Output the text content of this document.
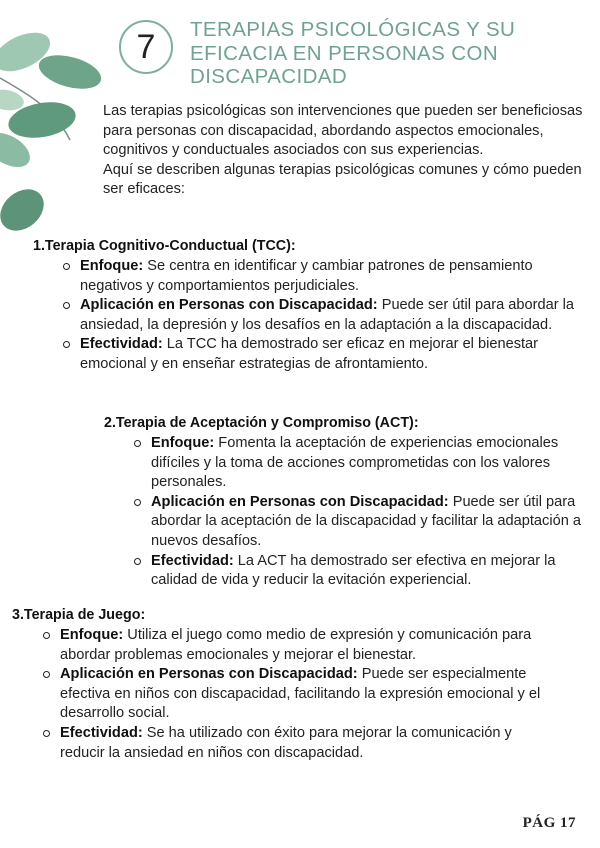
7 TERAPIAS PSICOLÓGICAS Y SU EFICACIA EN PERSONAS CON DISCAPACIDAD

Las terapias psicológicas son intervenciones que pueden ser beneficiosas para personas con discapacidad, abordando aspectos emocionales, cognitivos y conductuales asociados con sus experiencias.

Aquí se describen algunas terapias psicológicas comunes y cómo pueden ser eficaces:

1.Terapia Cognitivo-Conductual (TCC):
Enfoque: Se centra en identificar y cambiar patrones de pensamiento negativos y comportamientos perjudiciales.
Aplicación en Personas con Discapacidad: Puede ser útil para abordar la ansiedad, la depresión y los desafíos en la adaptación a la discapacidad.
Efectividad: La TCC ha demostrado ser eficaz en mejorar el bienestar emocional y en enseñar estrategias de afrontamiento.
2.Terapia de Aceptación y Compromiso (ACT):
Enfoque: Fomenta la aceptación de experiencias emocionales difíciles y la toma de acciones comprometidas con los valores personales.
Aplicación en Personas con Discapacidad: Puede ser útil para abordar la aceptación de la discapacidad y facilitar la adaptación a nuevos desafíos.
Efectividad: La ACT ha demostrado ser efectiva en mejorar la calidad de vida y reducir la evitación experiencial.
3.Terapia de Juego:
Enfoque: Utiliza el juego como medio de expresión y comunicación para abordar problemas emocionales y mejorar el bienestar.
Aplicación en Personas con Discapacidad: Puede ser especialmente efectiva en niños con discapacidad, facilitando la expresión emocional y el desarrollo social.
Efectividad: Se ha utilizado con éxito para mejorar la comunicación y reducir la ansiedad en niños con discapacidad.
PÁG 17
